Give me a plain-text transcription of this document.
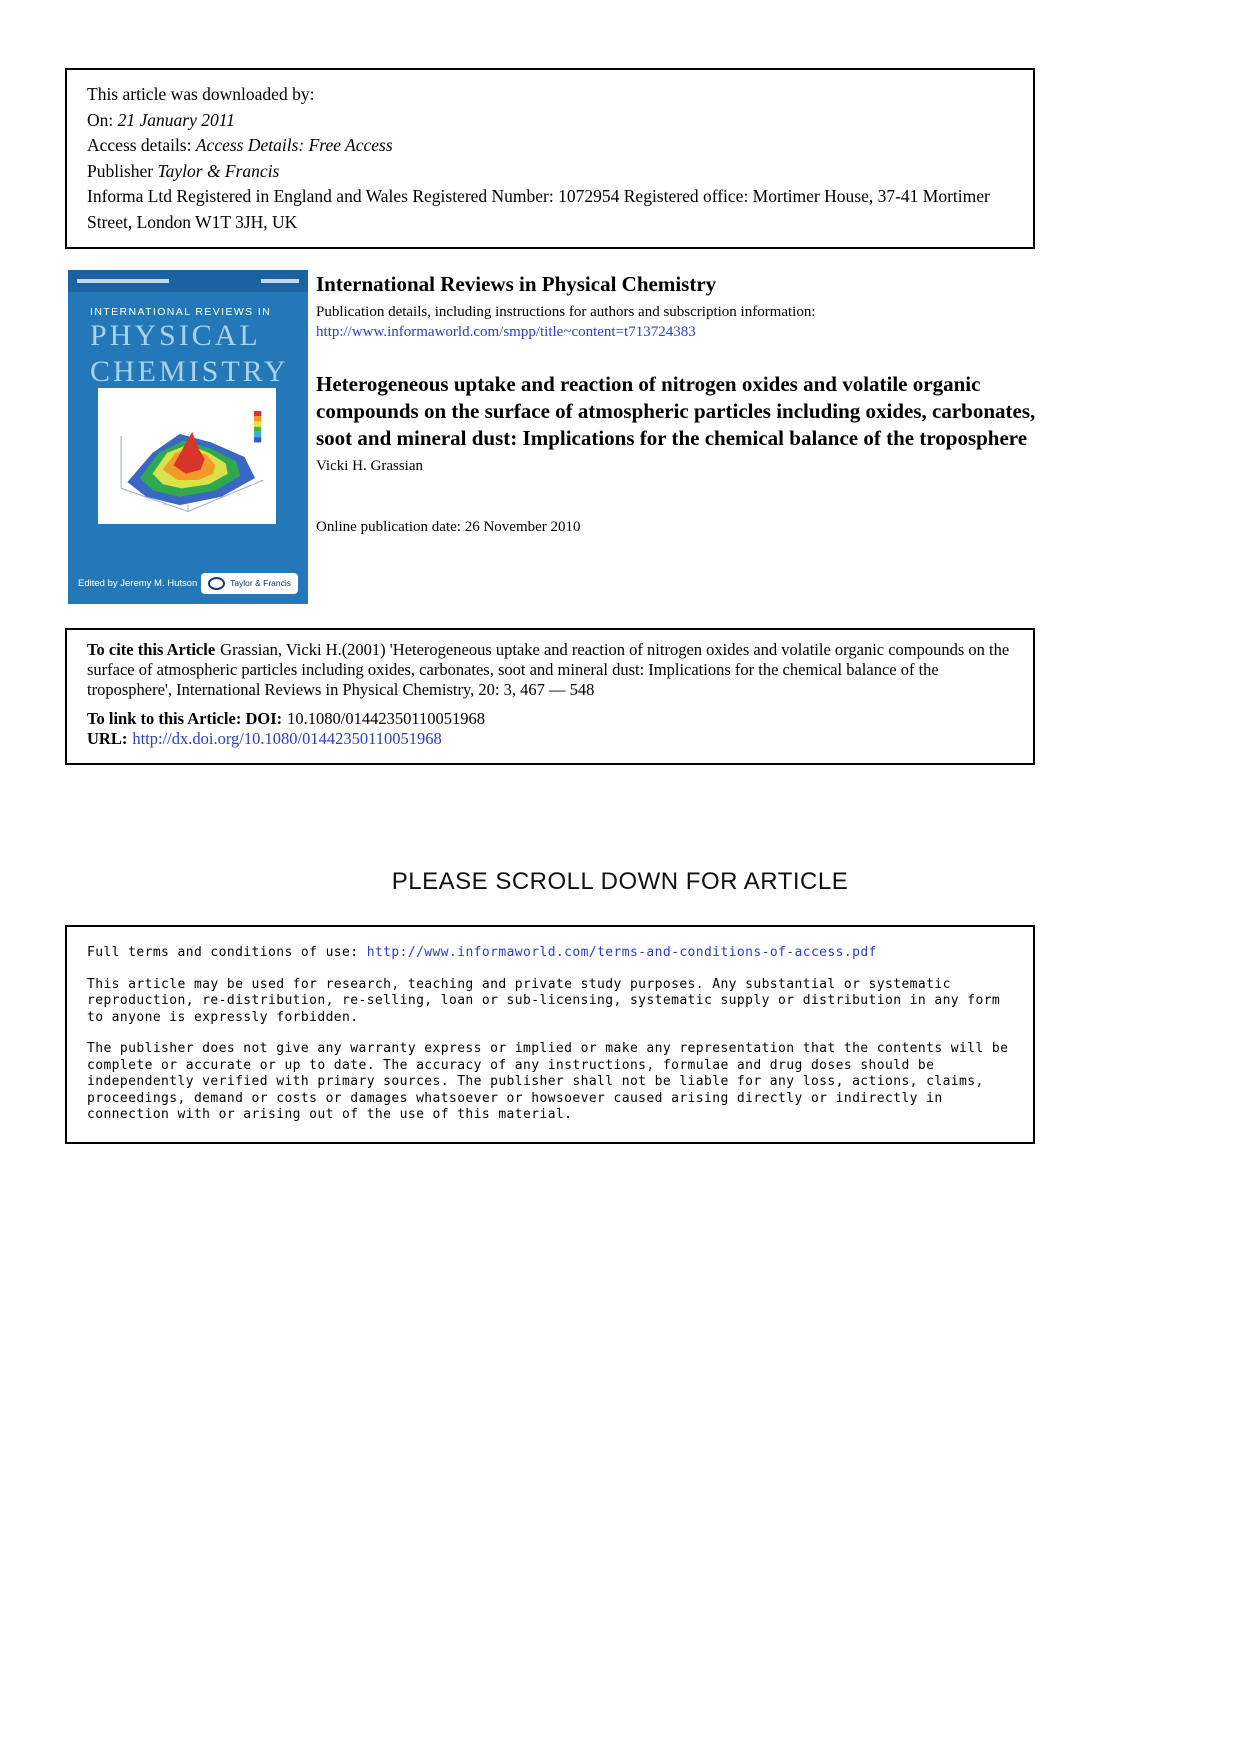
This article was downloaded by:
On: 21 January 2011
Access details: Access Details: Free Access
Publisher Taylor & Francis
Informa Ltd Registered in England and Wales Registered Number: 1072954 Registered office: Mortimer House, 37-41 Mortimer Street, London W1T 3JH, UK
INTERNATIONAL REVIEWS IN
PHYSICAL
CHEMISTRY
Edited by Jeremy M. Hutson	Taylor & Francis
International Reviews in Physical Chemistry
Publication details, including instructions for authors and subscription information:
http://www.informaworld.com/smpp/title~content=t713724383
Heterogeneous uptake and reaction of nitrogen oxides and volatile organic compounds on the surface of atmospheric particles including oxides, carbonates, soot and mineral dust: Implications for the chemical balance of the troposphere
Vicki H. Grassian
Online publication date: 26 November 2010

To cite this Article Grassian, Vicki H.(2001) 'Heterogeneous uptake and reaction of nitrogen oxides and volatile organic compounds on the surface of atmospheric particles including oxides, carbonates, soot and mineral dust: Implications for the chemical balance of the troposphere', International Reviews in Physical Chemistry, 20: 3, 467 — 548

To link to this Article: DOI: 10.1080/01442350110051968

URL: http://dx.doi.org/10.1080/01442350110051968

PLEASE SCROLL DOWN FOR ARTICLE

Full terms and conditions of use: http://www.informaworld.com/terms-and-conditions-of-access.pdf

This article may be used for research, teaching and private study purposes. Any substantial or systematic reproduction, re-distribution, re-selling, loan or sub-licensing, systematic supply or distribution in any form to anyone is expressly forbidden.

The publisher does not give any warranty express or implied or make any representation that the contents will be complete or accurate or up to date. The accuracy of any instructions, formulae and drug doses should be independently verified with primary sources. The publisher shall not be liable for any loss, actions, claims, proceedings, demand or costs or damages whatsoever or howsoever caused arising directly or indirectly in connection with or arising out of the use of this material.
